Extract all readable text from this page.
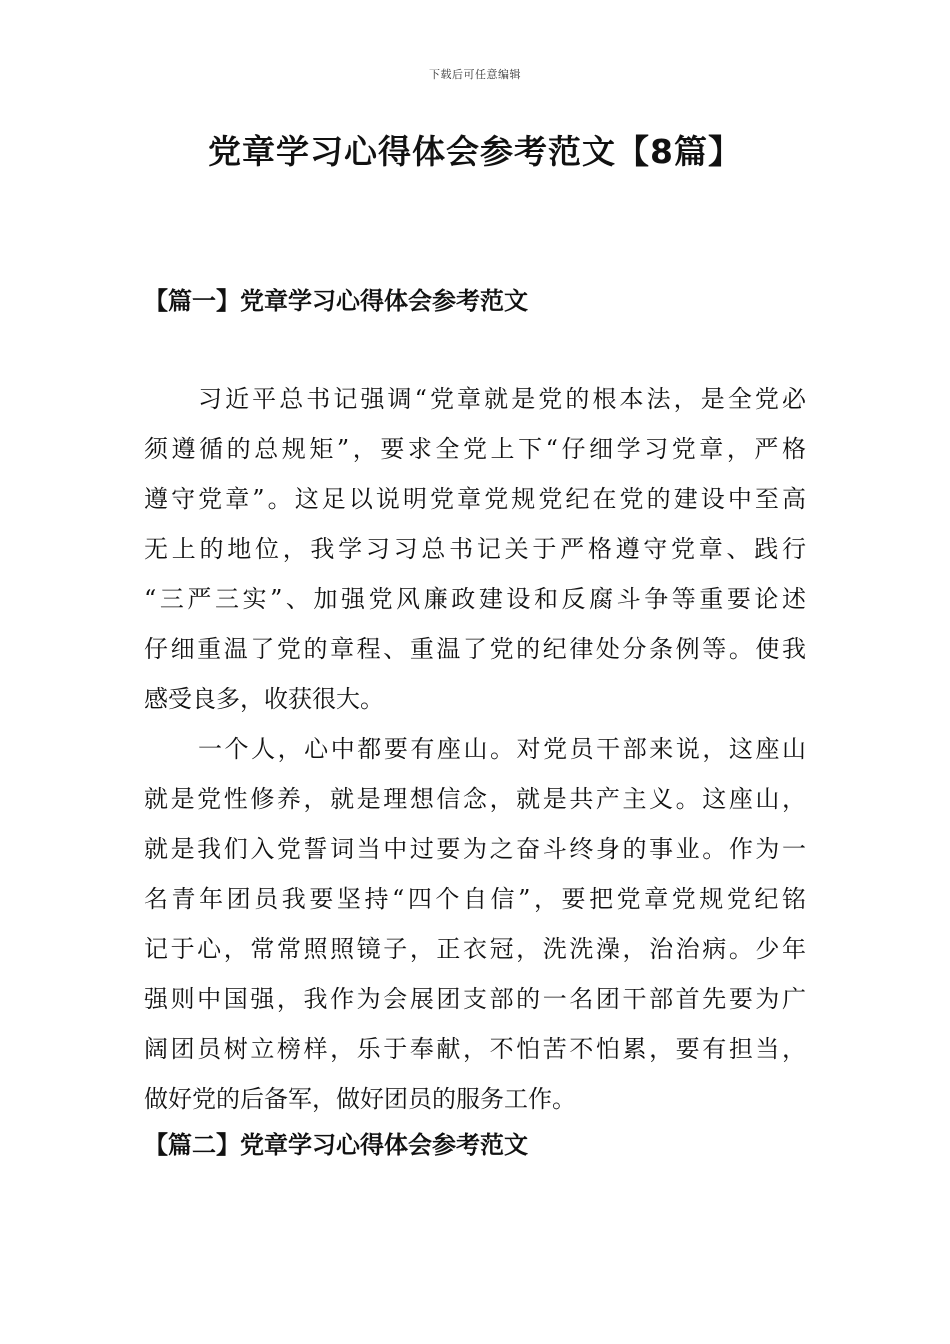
下载后可任意编辑
党章学习心得体会参考范文【8篇】
【篇一】党章学习心得体会参考范文
习近平总书记强调“党章就是党的根本法，是全党必
须遵循的总规矩”，要求全党上下“仔细学习党章，严格
遵守党章”。这足以说明党章党规党纪在党的建设中至高
无上的地位，我学习习总书记关于严格遵守党章、践行
“三严三实”、加强党风廉政建设和反腐斗争等重要论述
仔细重温了党的章程、重温了党的纪律处分条例等。使我
感受良多，收获很大。
一个人，心中都要有座山。对党员干部来说，这座山
就是党性修养，就是理想信念，就是共产主义。这座山，
就是我们入党誓词当中过要为之奋斗终身的事业。作为一
名青年团员我要坚持“四个自信”，要把党章党规党纪铭
记于心，常常照照镜子，正衣冠，洗洗澡，治治病。少年
强则中国强，我作为会展团支部的一名团干部首先要为广
阔团员树立榜样，乐于奉献，不怕苦不怕累，要有担当，
做好党的后备军，做好团员的服务工作。
【篇二】党章学习心得体会参考范文
